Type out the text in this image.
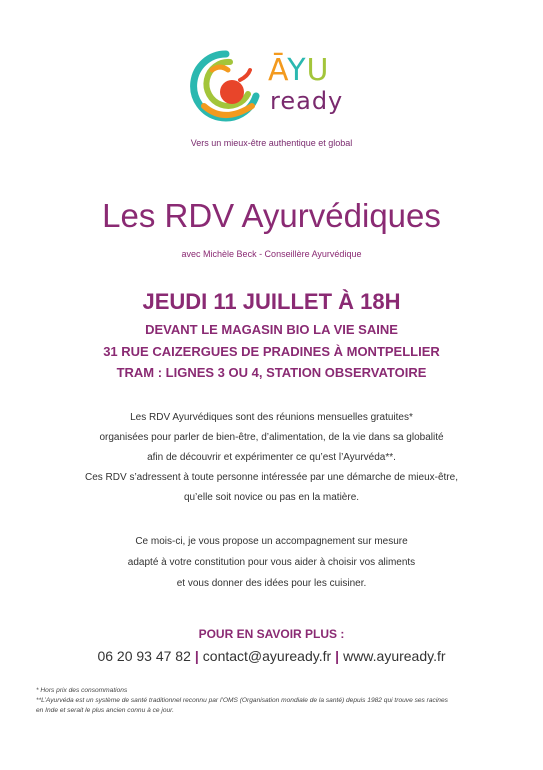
ĀYU
ready
Vers un mieux-être authentique et global
Les RDV Ayurvédiques
avec Michèle Beck - Conseillère Ayurvédique
JEUDI 11 JUILLET À 18H
DEVANT LE MAGASIN BIO LA VIE SAINE
31 RUE CAIZERGUES DE PRADINES À MONTPELLIER
TRAM : LIGNES 3 OU 4, STATION OBSERVATOIRE
Les RDV Ayurvédiques sont des réunions mensuelles gratuites*
organisées pour parler de bien-être, d’alimentation, de la vie dans sa globalité
afin de découvrir et expérimenter ce qu’est l’Ayurvéda**.
Ces RDV s’adressent à toute personne intéressée par une démarche de mieux-être,
qu’elle soit novice ou pas en la matière.
Ce mois-ci, je vous propose un accompagnement sur mesure
adapté à votre constitution pour vous aider à choisir vos aliments
et vous donner des idées pour les cuisiner.
POUR EN SAVOIR PLUS :
06 20 93 47 82 | contact@ayuready.fr | www.ayuready.fr
* Hors prix des consommations
**L’Ayurvéda est un système de santé traditionnel reconnu par l’OMS (Organisation mondiale de la santé) depuis 1982 qui trouve ses racines
en Inde et serait le plus ancien connu à ce jour.
